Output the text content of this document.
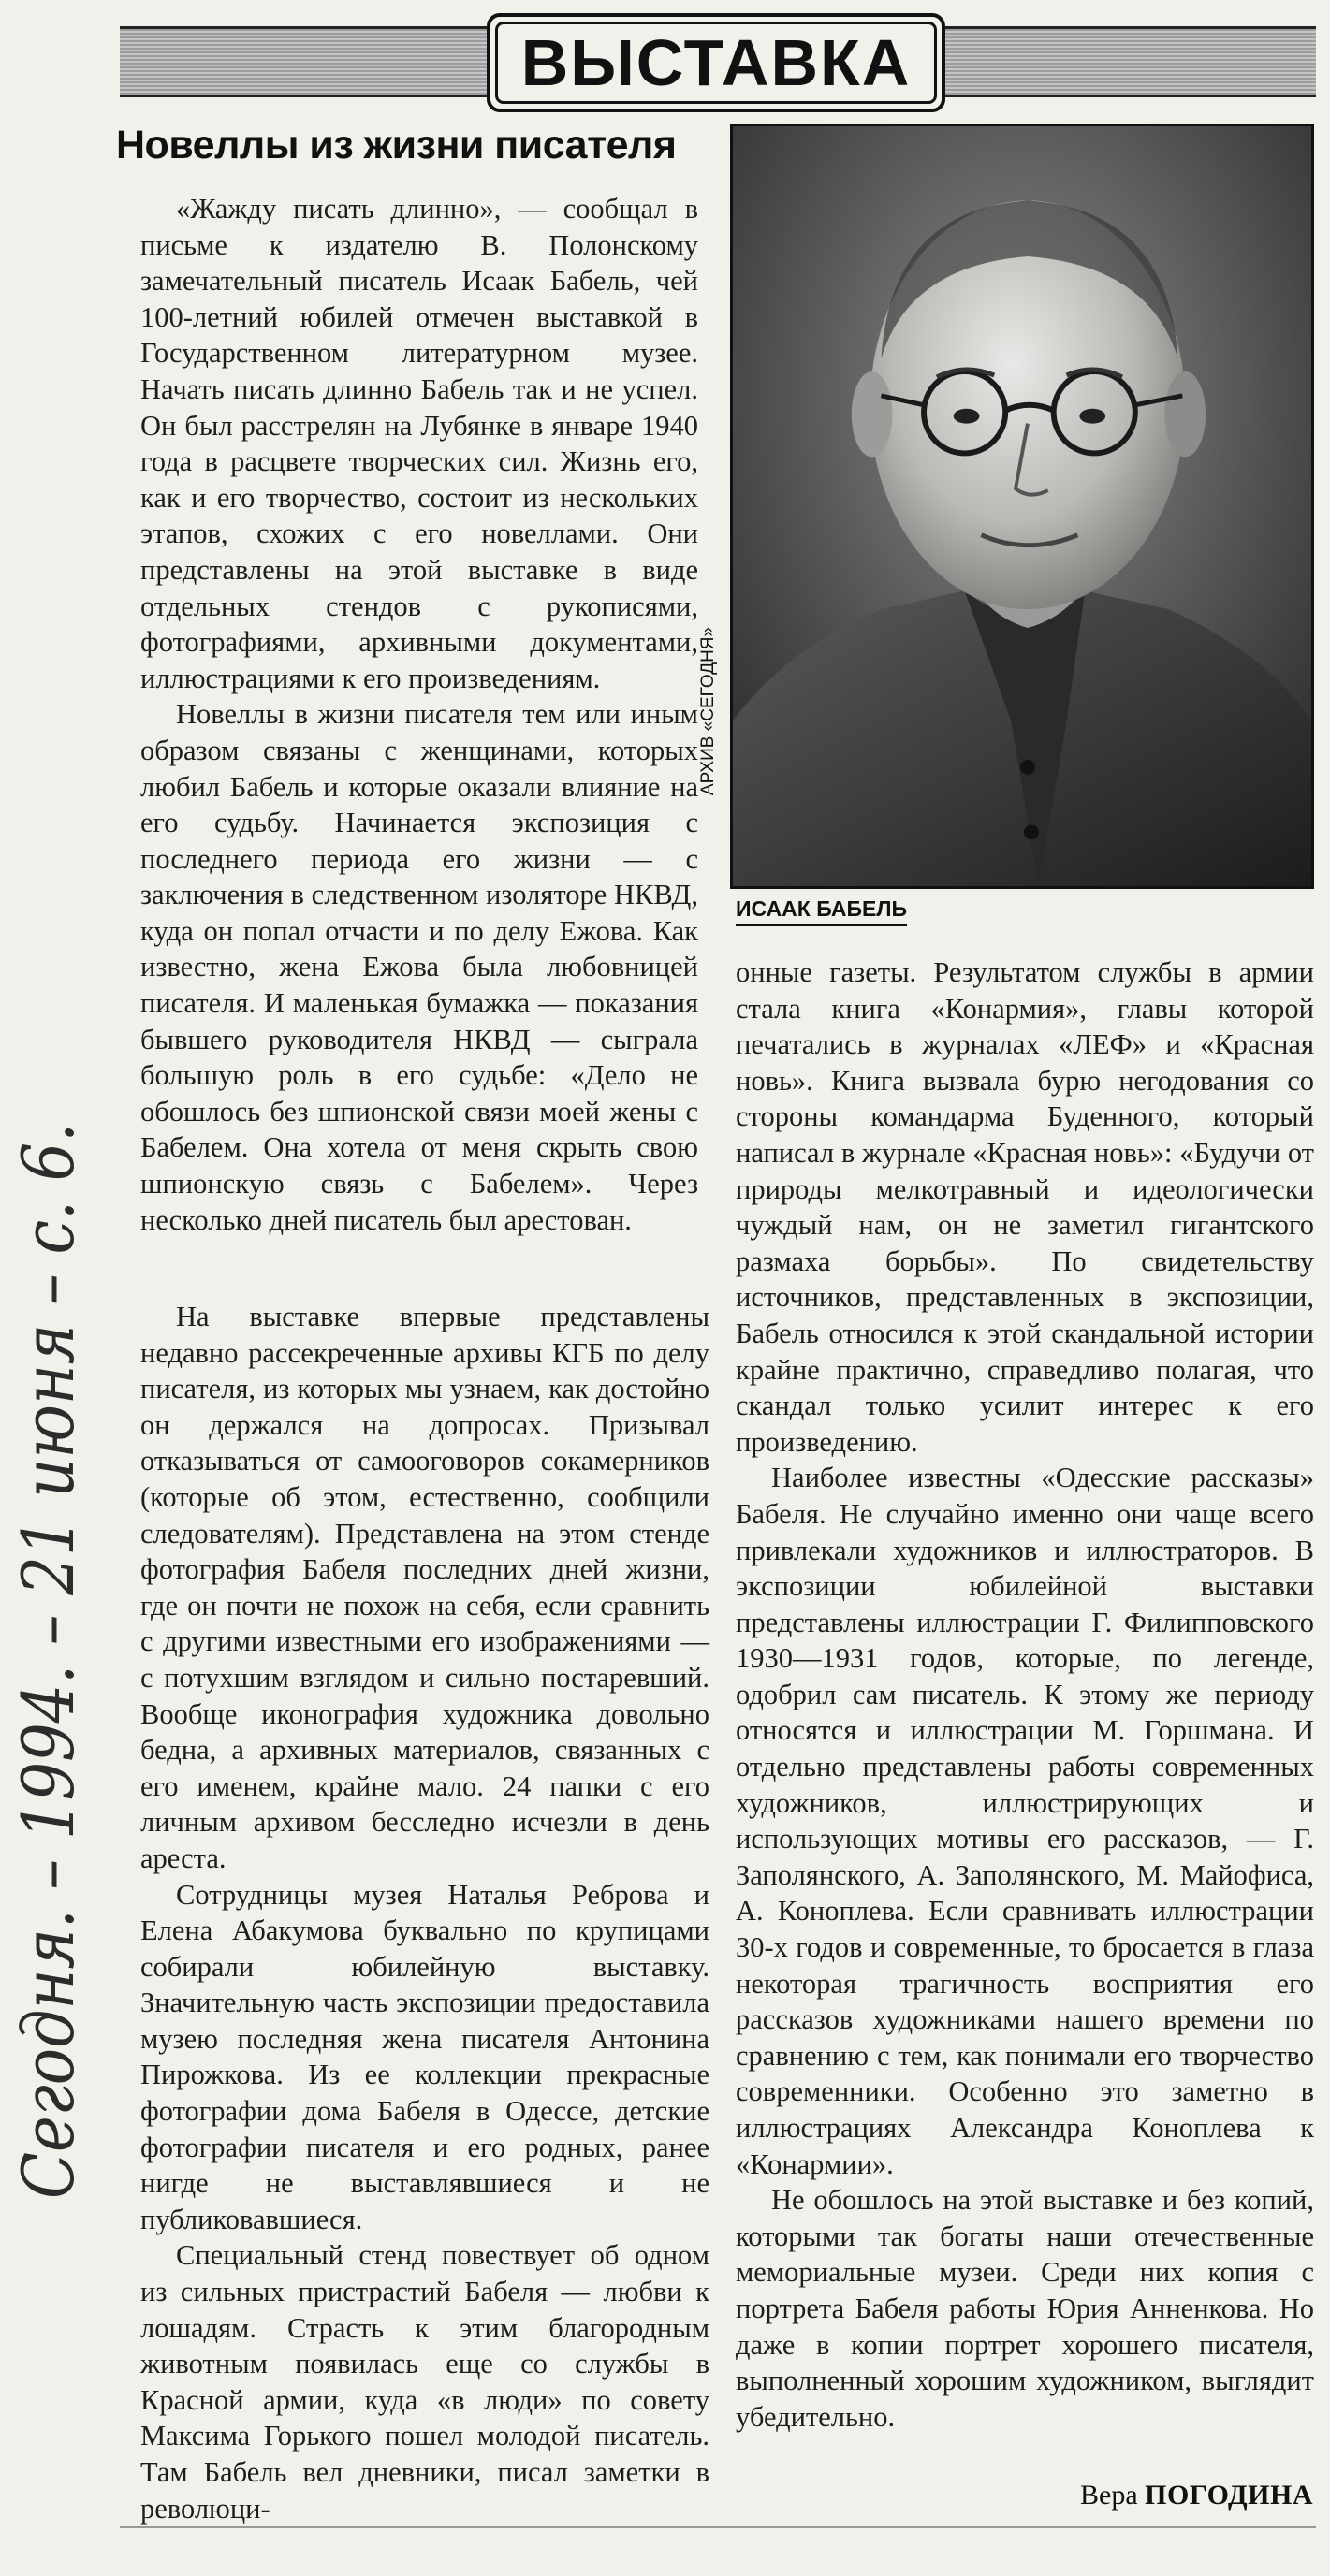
Сегодня. – 1994. – 21 июня – с. 6.
ВЫСТАВКА
Новеллы из жизни писателя
АРХИВ «СЕГОДНЯ»
ИСААК БАБЕЛЬ

«Жажду писать длинно», — сообщал в письме к издателю В. Полонскому замечательный писатель Исаак Бабель, чей 100-летний юбилей отмечен выставкой в Государственном литературном музее. Начать писать длинно Бабель так и не успел. Он был расстрелян на Лубянке в январе 1940 года в расцвете творческих сил. Жизнь его, как и его творчество, состоит из нескольких этапов, схожих с его новеллами. Они представлены на этой выставке в виде отдельных стендов с рукописями, фотографиями, архивными документами, иллюстрациями к его произведениям.

Новеллы в жизни писателя тем или иным образом связаны с женщинами, которых любил Бабель и которые оказали влияние на его судьбу. Начинается экспозиция с последнего периода его жизни — с заключения в следственном изоляторе НКВД, куда он попал отчасти и по делу Ежова. Как известно, жена Ежова была любовницей писателя. И маленькая бумажка — показания бывшего руководителя НКВД — сыграла большую роль в его судьбе: «Дело не обошлось без шпионской связи моей жены с Бабелем. Она хотела от меня скрыть свою шпионскую связь с Бабелем». Через несколько дней писатель был арестован.

На выставке впервые представлены недавно рассекреченные архивы КГБ по делу писателя, из которых мы узнаем, как достойно он держался на допросах. Призывал отказываться от самооговоров сокамерников (которые об этом, естественно, сообщили следователям). Представлена на этом стенде фотография Бабеля последних дней жизни, где он почти не похож на себя, если сравнить с другими известными его изображениями — с потухшим взглядом и сильно постаревший. Вообще иконография художника довольно бедна, а архивных материалов, связанных с его именем, крайне мало. 24 папки с его личным архивом бесследно исчезли в день ареста.

Сотрудницы музея Наталья Реброва и Елена Абакумова буквально по крупицами собирали юбилейную выставку. Значительную часть экспозиции предоставила музею последняя жена писателя Антонина Пирожкова. Из ее коллекции прекрасные фотографии дома Бабеля в Одессе, детские фотографии писателя и его родных, ранее нигде не выставлявшиеся и не публиковавшиеся.

Специальный стенд повествует об одном из сильных пристрастий Бабеля — любви к лошадям. Страсть к этим благородным животным появилась еще со службы в Красной армии, куда «в люди» по совету Максима Горького пошел молодой писатель. Там Бабель вел дневники, писал заметки в революци-

онные газеты. Результатом службы в армии стала книга «Конармия», главы которой печатались в журналах «ЛЕФ» и «Красная новь». Книга вызвала бурю негодования со стороны командарма Буденного, который написал в журнале «Красная новь»: «Будучи от природы мелкотравный и идеологически чуждый нам, он не заметил гигантского размаха борьбы». По свидетельству источников, представленных в экспозиции, Бабель относился к этой скандальной истории крайне практично, справедливо полагая, что скандал только усилит интерес к его произведению.

Наиболее известны «Одесские рассказы» Бабеля. Не случайно именно они чаще всего привлекали художников и иллюстраторов. В экспозиции юбилейной выставки представлены иллюстрации Г. Филипповского 1930—1931 годов, которые, по легенде, одобрил сам писатель. К этому же периоду относятся и иллюстрации М. Горшмана. И отдельно представлены работы современных художников, иллюстрирующих и использующих мотивы его рассказов, — Г. Заполянского, А. Заполянского, М. Майофиса, А. Коноплева. Если сравнивать иллюстрации 30-х годов и современные, то бросается в глаза некоторая трагичность восприятия его рассказов художниками нашего времени по сравнению с тем, как понимали его творчество современники. Особенно это заметно в иллюстрациях Александра Коноплева к «Конармии».

Не обошлось на этой выставке и без копий, которыми так богаты наши отечественные мемориальные музеи. Среди них копия с портрета Бабеля работы Юрия Анненкова. Но даже в копии портрет хорошего писателя, выполненный хорошим художником, выглядит убедительно.

Вера ПОГОДИНА
